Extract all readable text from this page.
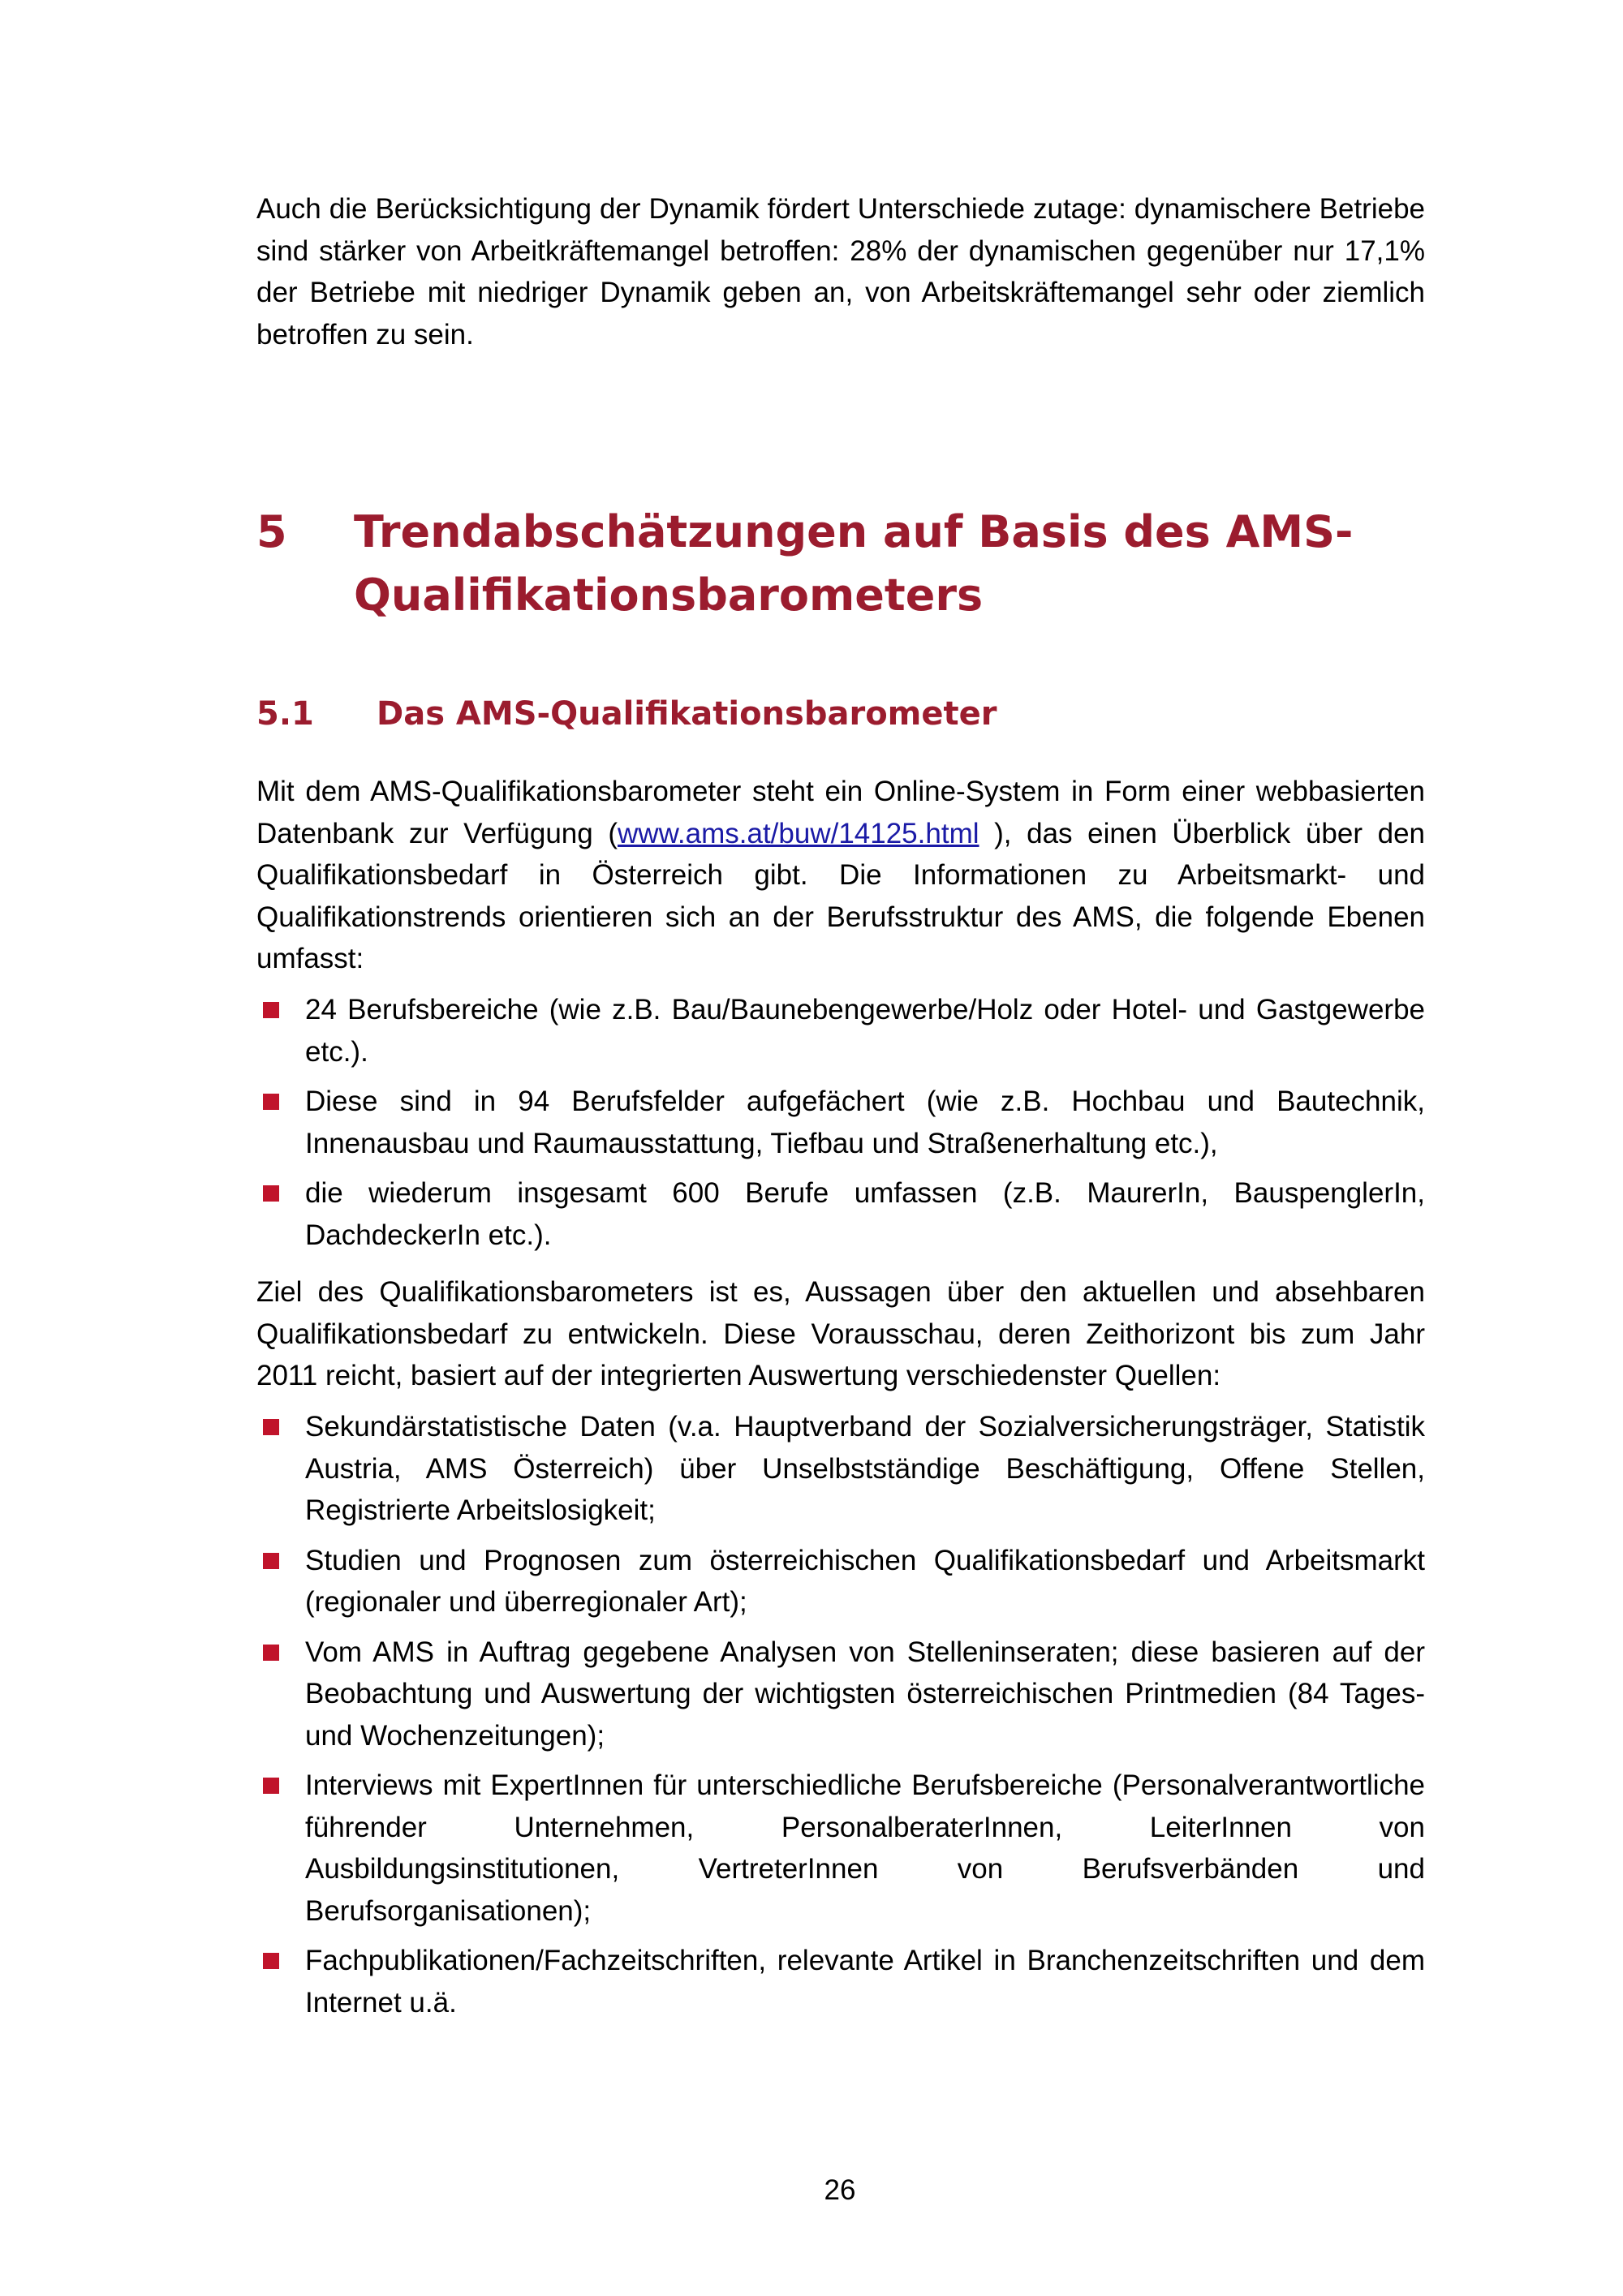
Auch die Berücksichtigung der Dynamik fördert Unterschiede zutage: dynamischere Betriebe sind stärker von Arbeitkräftemangel betroffen: 28% der dynamischen gegenüber nur 17,1% der Betriebe mit niedriger Dynamik geben an, von Arbeitskräftemangel sehr oder ziemlich betroffen zu sein.

5 Trendabschätzungen auf Basis des AMS-Qualifikationsbarometers
5.1 Das AMS-Qualifikationsbarometer

Mit dem AMS-Qualifikationsbarometer steht ein Online-System in Form einer webbasierten Datenbank zur Verfügung (www.ams.at/buw/14125.html ), das einen Überblick über den Qualifikationsbedarf in Österreich gibt. Die Informationen zu Arbeitsmarkt- und Qualifikationstrends orientieren sich an der Berufsstruktur des AMS, die folgende Ebenen umfasst:

24 Berufsbereiche (wie z.B. Bau/Baunebengewerbe/Holz oder Hotel- und Gastgewerbe etc.).
Diese sind in 94 Berufsfelder aufgefächert (wie z.B. Hochbau und Bautechnik, Innenausbau und Raumausstattung, Tiefbau und Straßenerhaltung etc.),
die wiederum insgesamt 600 Berufe umfassen (z.B. MaurerIn, BauspenglerIn, DachdeckerIn etc.).

Ziel des Qualifikationsbarometers ist es, Aussagen über den aktuellen und absehbaren Qualifikationsbedarf zu entwickeln. Diese Vorausschau, deren Zeithorizont bis zum Jahr 2011 reicht, basiert auf der integrierten Auswertung verschiedenster Quellen:

Sekundärstatistische Daten (v.a. Hauptverband der Sozialversicherungsträger, Statistik Austria, AMS Österreich) über Unselbstständige Beschäftigung, Offene Stellen, Registrierte Arbeitslosigkeit;
Studien und Prognosen zum österreichischen Qualifikationsbedarf und Arbeitsmarkt (regionaler und überregionaler Art);
Vom AMS in Auftrag gegebene Analysen von Stelleninseraten; diese basieren auf der Beobachtung und Auswertung der wichtigsten österreichischen Printmedien (84 Tages- und Wochenzeitungen);
Interviews mit ExpertInnen für unterschiedliche Berufsbereiche (Personalverantwortliche führender Unternehmen, PersonalberaterInnen, LeiterInnen von Ausbildungsinstitutionen, VertreterInnen von Berufsverbänden und Berufsorganisationen);
Fachpublikationen/Fachzeitschriften, relevante Artikel in Branchenzeitschriften und dem Internet u.ä.
26
